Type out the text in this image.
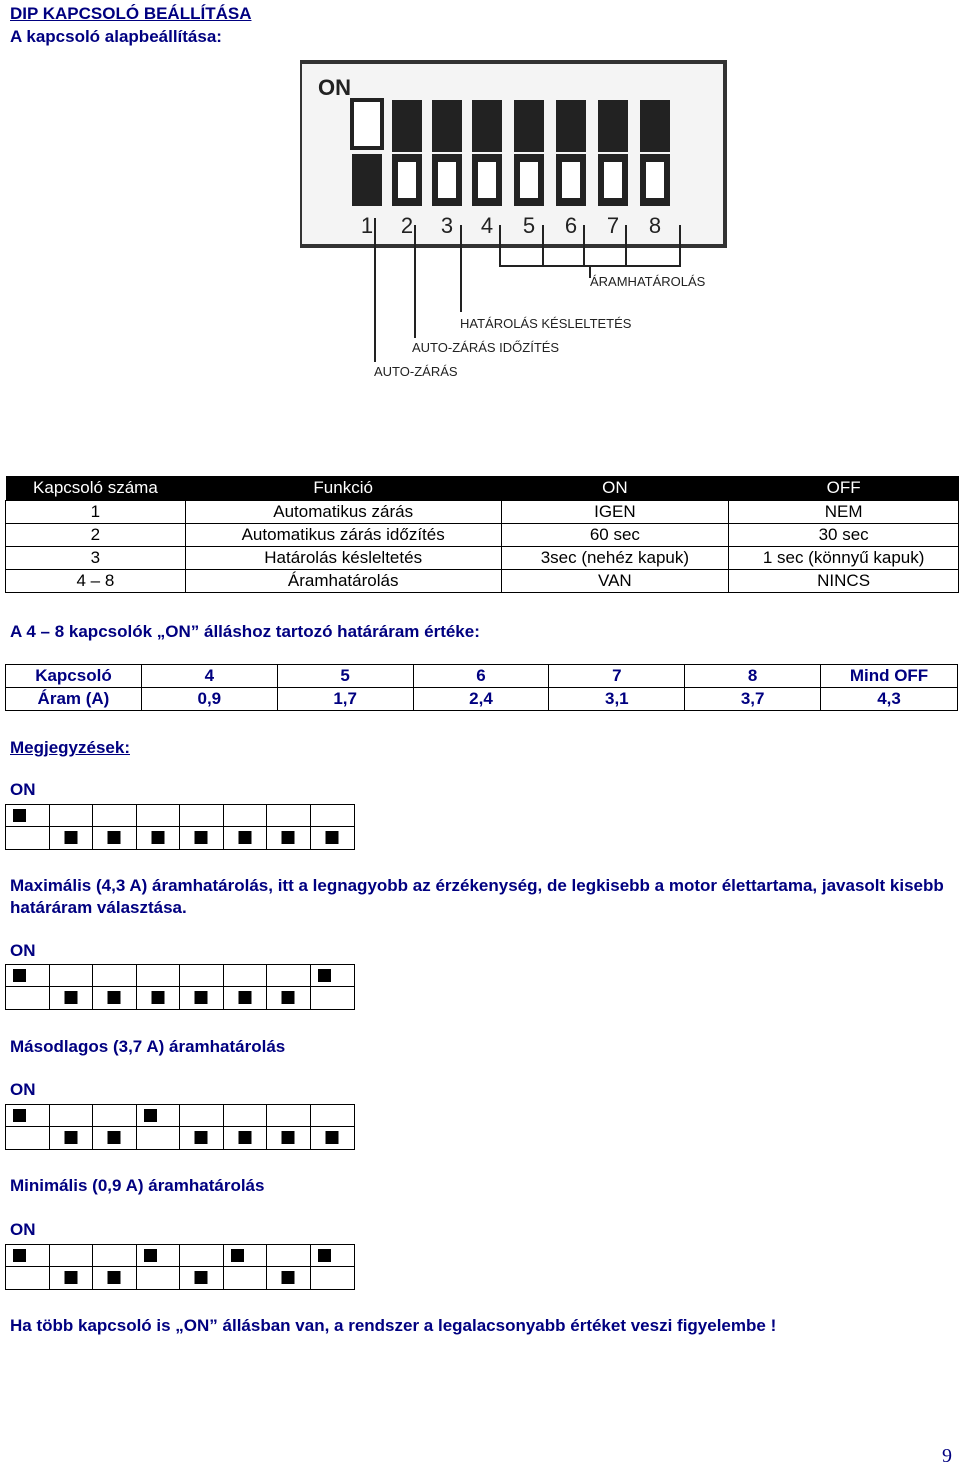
DIP KAPCSOLÓ BEÁLLÍTÁSA
A kapcsoló alapbeállítása:
ON
1 2 3 4 5 6 7 8
ÁRAMHATÁROLÁS
HATÁROLÁS KÉSLELTETÉS
AUTO-ZÁRÁS IDŐZÍTÉS
AUTO-ZÁRÁS
Kapcsoló száma	Funkció	ON	OFF
1	Automatikus zárás	IGEN	NEM
2	Automatikus zárás időzítés	60 sec	30 sec
3	Határolás késleltetés	3sec (nehéz kapuk)	1 sec (könnyű kapuk)
4 – 8	Áramhatárolás	VAN	NINCS
A 4 – 8 kapcsolók „ON” álláshoz tartozó határáram értéke:
Kapcsoló	4	5	6	7	8	Mind OFF
Áram (A)	0,9	1,7	2,4	3,1	3,7	4,3
Megjegyzések:
ON
Maximális (4,3 A) áramhatárolás, itt a legnagyobb az érzékenység, de legkisebb a motor élettartama, javasolt kisebb határáram választása.
ON
Másodlagos (3,7 A) áramhatárolás
ON
Minimális (0,9 A) áramhatárolás
ON
Ha több kapcsoló is „ON” állásban van, a rendszer a legalacsonyabb értéket veszi figyelembe !
9
